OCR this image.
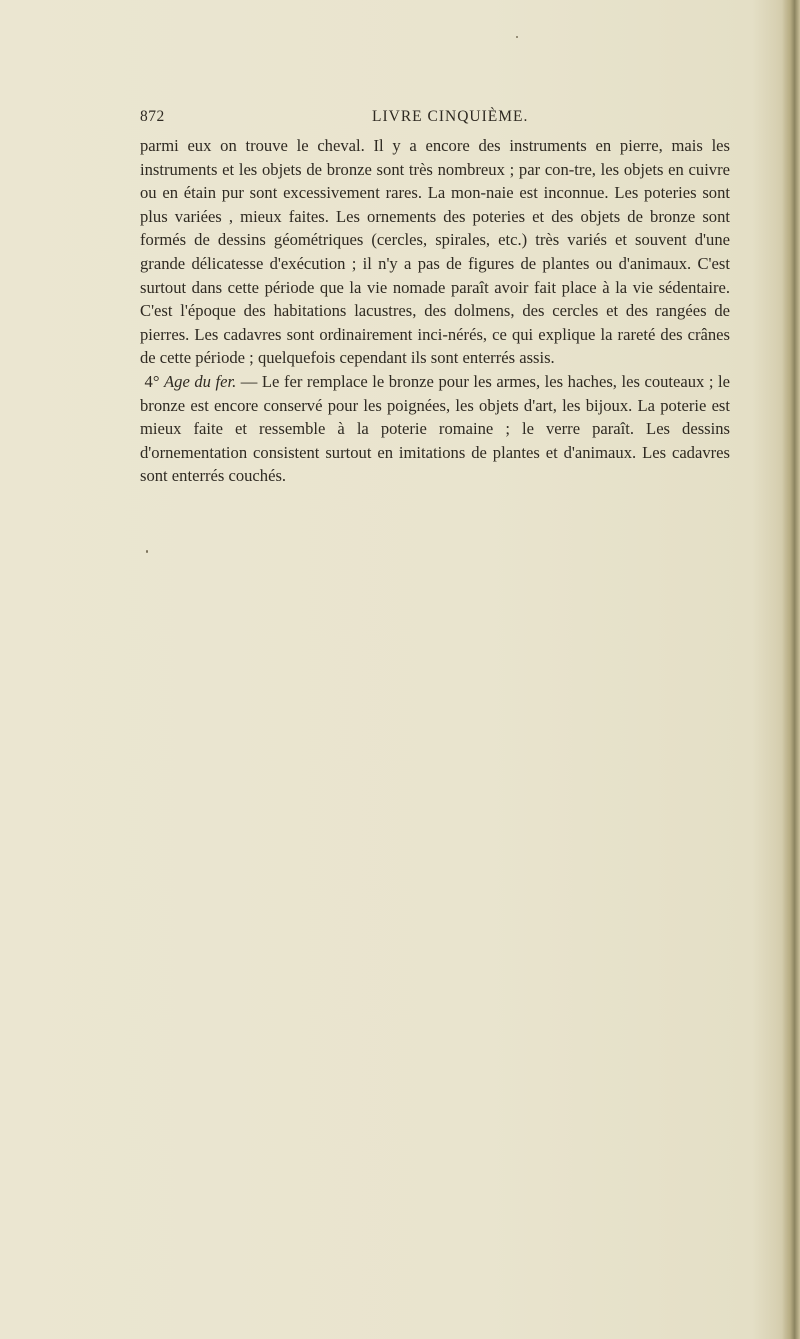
872	LIVRE CINQUIÈME.

parmi eux on trouve le cheval. Il y a encore des instruments en pierre, mais les instruments et les objets de bronze sont très nombreux ; par con-tre, les objets en cuivre ou en étain pur sont excessivement rares. La mon-naie est inconnue. Les poteries sont plus variées , mieux faites. Les ornements des poteries et des objets de bronze sont formés de dessins géométriques (cercles, spirales, etc.) très variés et souvent d'une grande délicatesse d'exécution ; il n'y a pas de figures de plantes ou d'animaux. C'est surtout dans cette période que la vie nomade paraît avoir fait place à la vie sédentaire. C'est l'époque des habitations lacustres, des dolmens, des cercles et des rangées de pierres. Les cadavres sont ordinairement inci-nérés, ce qui explique la rareté des crânes de cette période ; quelquefois cependant ils sont enterrés assis.

4° Age du fer. — Le fer remplace le bronze pour les armes, les haches, les couteaux ; le bronze est encore conservé pour les poignées, les objets d'art, les bijoux. La poterie est mieux faite et ressemble à la poterie romaine ; le verre paraît. Les dessins d'ornementation consistent surtout en imitations de plantes et d'animaux. Les cadavres sont enterrés couchés.
